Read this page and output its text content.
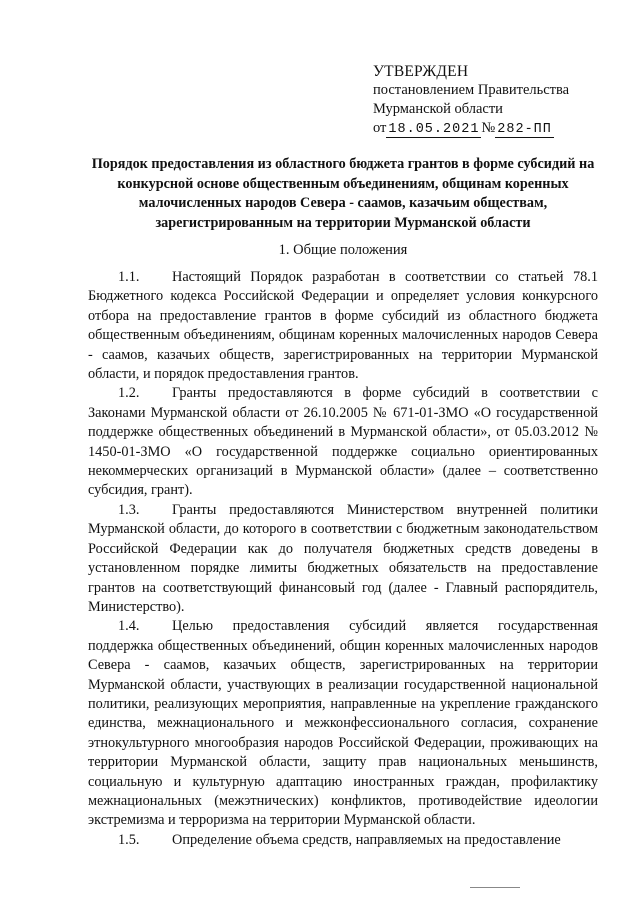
УТВЕРЖДЕН
постановлением Правительства
Мурманской области
от 18.05.2021 № 282-ПП
Порядок предоставления из областного бюджета грантов в форме субсидий на конкурсной основе общественным объединениям, общинам коренных малочисленных народов Севера - саамов, казачьим обществам, зарегистрированным на территории Мурманской области
1. Общие положения

1.1. Настоящий Порядок разработан в соответствии со статьей 78.1 Бюджетного кодекса Российской Федерации и определяет условия конкурсного отбора на предоставление грантов в форме субсидий из областного бюджета общественным объединениям, общинам коренных малочисленных народов Севера - саамов, казачьих обществ, зарегистрированных на территории Мурманской области, и порядок предоставления грантов.

1.2. Гранты предоставляются в форме субсидий в соответствии с Законами Мурманской области от 26.10.2005 № 671-01-ЗМО «О государственной поддержке общественных объединений в Мурманской области», от 05.03.2012 № 1450-01-ЗМО «О государственной поддержке социально ориентированных некоммерческих организаций в Мурманской области» (далее – соответственно субсидия, грант).

1.3. Гранты предоставляются Министерством внутренней политики Мурманской области, до которого в соответствии с бюджетным законодательством Российской Федерации как до получателя бюджетных средств доведены в установленном порядке лимиты бюджетных обязательств на предоставление грантов на соответствующий финансовый год (далее - Главный распорядитель, Министерство).

1.4. Целью предоставления субсидий является государственная поддержка общественных объединений, общин коренных малочисленных народов Севера - саамов, казачьих обществ, зарегистрированных на территории Мурманской области, участвующих в реализации государственной национальной политики, реализующих мероприятия, направленные на укрепление гражданского единства, межнационального и межконфессионального согласия, сохранение этнокультурного многообразия народов Российской Федерации, проживающих на территории Мурманской области, защиту прав национальных меньшинств, социальную и культурную адаптацию иностранных граждан, профилактику межнациональных (межэтнических) конфликтов, противодействие идеологии экстремизма и терроризма на территории Мурманской области.

1.5. Определение объема средств, направляемых на предоставление
